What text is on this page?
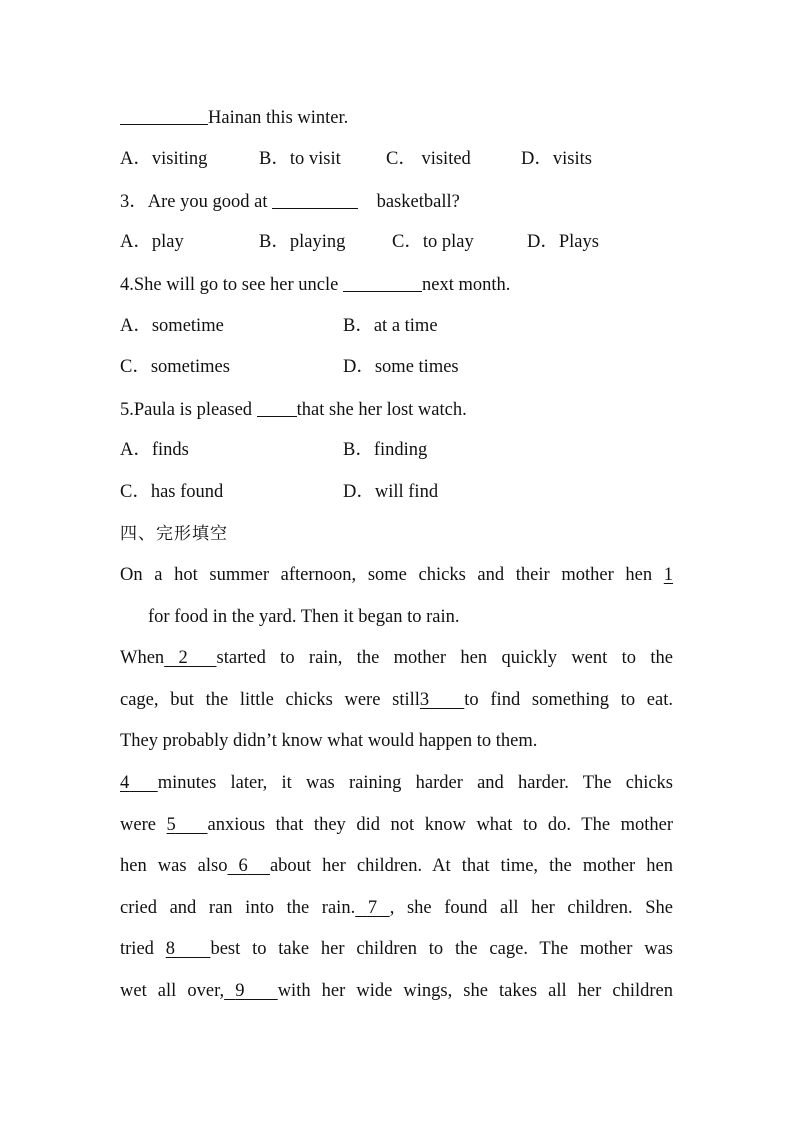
Hainan this winter.
A．visiting	B．to visit C． visited	D．visits
3．Are you good at	basketball?
A．play	B．playing	C．to play	D．Plays
4.She will go to see her uncle	next month.
A．sometime	B．at a time
C．sometimes	D．some times
5.Paula is pleased that she her lost watch.
A．finds	B．finding
C．has found	D．will find
四、完形填空
On a hot summer afternoon, some chicks and their mother hen 1
for food in the yard. Then it began to rain.
When 2 started to rain, the mother hen quickly went to the
cage, but the little chicks were still3 to find something to eat.
They probably didn’t know what would happen to them.
4 minutes later, it was raining harder and harder. The chicks
were 5 anxious that they did not know what to do. The mother
hen was also 6 about her children. At that time, the mother hen
cried and ran into the rain. 7 , she found all her children. She
tried 8 best to take her children to the cage. The mother was
wet all over, 9 with her wide wings, she takes all her children
